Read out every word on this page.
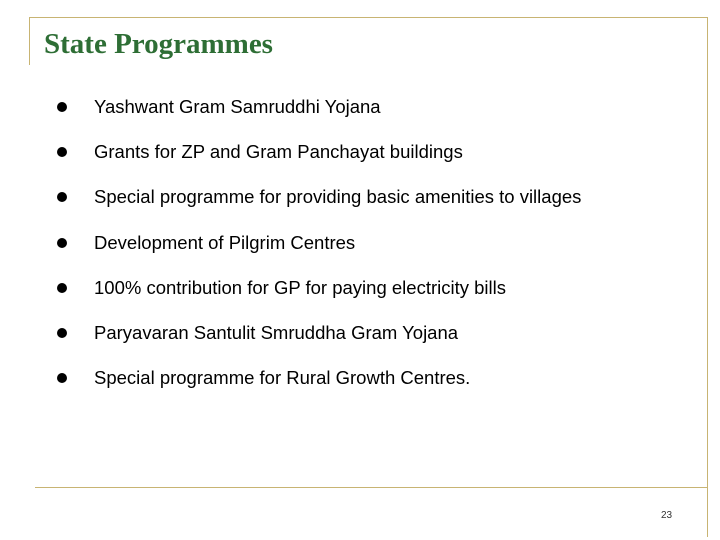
State Programmes
Yashwant Gram Samruddhi Yojana
Grants for ZP and Gram Panchayat buildings
Special programme for providing basic amenities to villages
Development of Pilgrim Centres
100% contribution for GP for paying electricity bills
Paryavaran Santulit Smruddha Gram Yojana
Special programme for Rural Growth Centres.
23
